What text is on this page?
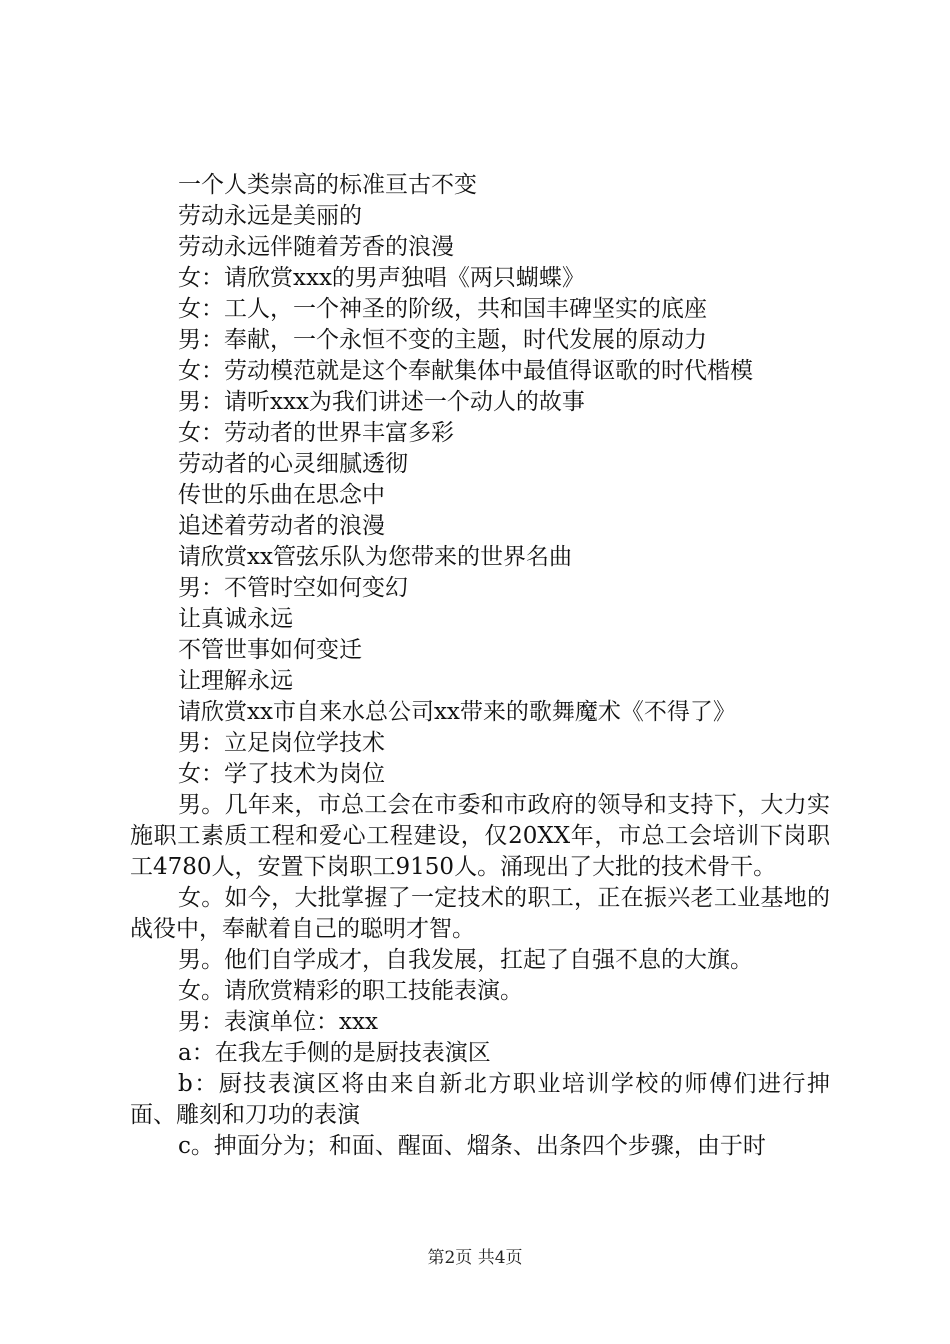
一个人类崇高的标准亘古不变
劳动永远是美丽的
劳动永远伴随着芳香的浪漫
女：请欣赏xxx的男声独唱《两只蝴蝶》
女：工人，一个神圣的阶级，共和国丰碑坚实的底座
男：奉献，一个永恒不变的主题，时代发展的原动力
女：劳动模范就是这个奉献集体中最值得讴歌的时代楷模
男：请听xxx为我们讲述一个动人的故事
女：劳动者的世界丰富多彩
劳动者的心灵细腻透彻
传世的乐曲在思念中
追述着劳动者的浪漫
请欣赏xx管弦乐队为您带来的世界名曲
男：不管时空如何变幻
让真诚永远
不管世事如何变迁
让理解永远
请欣赏xx市自来水总公司xx带来的歌舞魔术《不得了》
男：立足岗位学技术
女：学了技术为岗位
男。几年来，市总工会在市委和市政府的领导和支持下，大力实施职工素质工程和爱心工程建设，仅20XX年，市总工会培训下岗职工4780人，安置下岗职工9150人。涌现出了大批的技术骨干。
女。如今，大批掌握了一定技术的职工，正在振兴老工业基地的战役中，奉献着自己的聪明才智。
男。他们自学成才，自我发展，扛起了自强不息的大旗。
女。请欣赏精彩的职工技能表演。
男：表演单位：xxx
a：在我左手侧的是厨技表演区
b：厨技表演区将由来自新北方职业培训学校的师傅们进行抻面、雕刻和刀功的表演
c。抻面分为；和面、醒面、熘条、出条四个步骤，由于时
第2页 共4页
